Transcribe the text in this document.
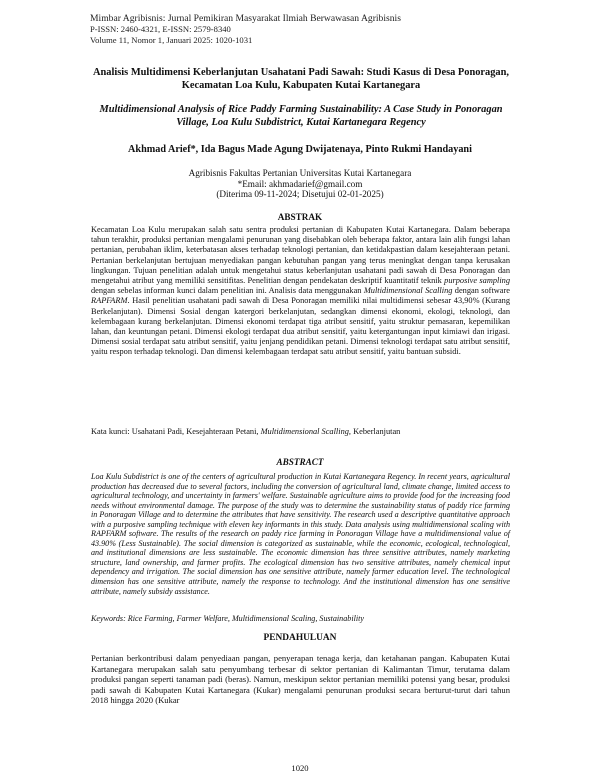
Mimbar Agribisnis: Jurnal Pemikiran Masyarakat Ilmiah Berwawasan Agribisnis
P-ISSN: 2460-4321, E-ISSN: 2579-8340
Volume 11, Nomor 1, Januari 2025: 1020-1031
Analisis Multidimensi Keberlanjutan Usahatani Padi Sawah: Studi Kasus di Desa Ponoragan, Kecamatan Loa Kulu, Kabupaten Kutai Kartanegara
Multidimensional Analysis of Rice Paddy Farming Sustainability: A Case Study in Ponoragan Village, Loa Kulu Subdistrict, Kutai Kartanegara Regency
Akhmad Arief*, Ida Bagus Made Agung Dwijatenaya, Pinto Rukmi Handayani
Agribisnis Fakultas Pertanian Universitas Kutai Kartanegara
*Email: akhmadarief@gmail.com
(Diterima 09-11-2024; Disetujui 02-01-2025)
ABSTRAK
Kecamatan Loa Kulu merupakan salah satu sentra produksi pertanian di Kabupaten Kutai Kartanegara. Dalam beberapa tahun terakhir, produksi pertanian mengalami penurunan yang disebabkan oleh beberapa faktor, antara lain alih fungsi lahan pertanian, perubahan iklim, keterbatasan akses terhadap teknologi pertanian, dan ketidakpastian dalam kesejahteraan petani. Pertanian berkelanjutan bertujuan menyediakan pangan kebutuhan pangan yang terus meningkat dengan tanpa kerusakan lingkungan. Tujuan penelitian adalah untuk mengetahui status keberlanjutan usahatani padi sawah di Desa Ponoragan dan mengetahui atribut yang memiliki sensitifitas. Penelitian dengan pendekatan deskriptif kuantitatif teknik purposive sampling dengan sebelas informan kunci dalam penelitian ini. Analisis data menggunakan Multidimensional Scalling dengan software RAPFARM. Hasil penelitian usahatani padi sawah di Desa Ponoragan memiliki nilai multidimensi sebesar 43,90% (Kurang Berkelanjutan). Dimensi Sosial dengan katergori berkelanjutan, sedangkan dimensi ekonomi, ekologi, teknologi, dan kelembagaan kurang berkelanjutan. Dimensi ekonomi terdapat tiga atribut sensitif, yaitu struktur pemasaran, kepemilikan lahan, dan keuntungan petani. Dimensi ekologi terdapat dua atribut sensitif, yaitu ketergantungan input kimiawi dan irigasi. Dimensi sosial terdapat satu atribut sensitif, yaitu jenjang pendidikan petani. Dimensi teknologi terdapat satu atribut sensitif, yaitu respon terhadap teknologi. Dan dimensi kelembagaan terdapat satu atribut sensitif, yaitu bantuan subsidi.
Kata kunci: Usahatani Padi, Kesejahteraan Petani, Multidimensional Scalling, Keberlanjutan
ABSTRACT
Loa Kulu Subdistrict is one of the centers of agricultural production in Kutai Kartanegara Regency. In recent years, agricultural production has decreased due to several factors, including the conversion of agricultural land, climate change, limited access to agricultural technology, and uncertainty in farmers' welfare. Sustainable agriculture aims to provide food for the increasing food needs without environmental damage. The purpose of the study was to determine the sustainability status of paddy rice farming in Ponoragan Village and to determine the attributes that have sensitivity. The research used a descriptive quantitative approach with a purposive sampling technique with eleven key informants in this study. Data analysis using multidimensional scaling with RAPFARM software. The results of the research on paddy rice farming in Ponoragan Village have a multidimensional value of 43.90% (Less Sustainable). The social dimension is categorized as sustainable, while the economic, ecological, technological, and institutional dimensions are less sustainable. The economic dimension has three sensitive attributes, namely marketing structure, land ownership, and farmer profits. The ecological dimension has two sensitive attributes, namely chemical input dependency and irrigation. The social dimension has one sensitive attribute, namely farmer education level. The technological dimension has one sensitive attribute, namely the response to technology. And the institutional dimension has one sensitive attribute, namely subsidy assistance.
Keywords: Rice Farming, Farmer Welfare, Multidimensional Scaling, Sustainability
PENDAHULUAN
Pertanian berkontribusi dalam penyediaan pangan, penyerapan tenaga kerja, dan ketahanan pangan. Kabupaten Kutai Kartanegara merupakan salah satu penyumbang terbesar di sektor pertanian di Kalimantan Timur, terutama dalam produksi pangan seperti tanaman padi (beras). Namun, meskipun sektor pertanian memiliki potensi yang besar, produksi padi sawah di Kabupaten Kutai Kartanegara (Kukar) mengalami penurunan produksi secara berturut-turut dari tahun 2018 hingga 2020 (Kukar
1020
